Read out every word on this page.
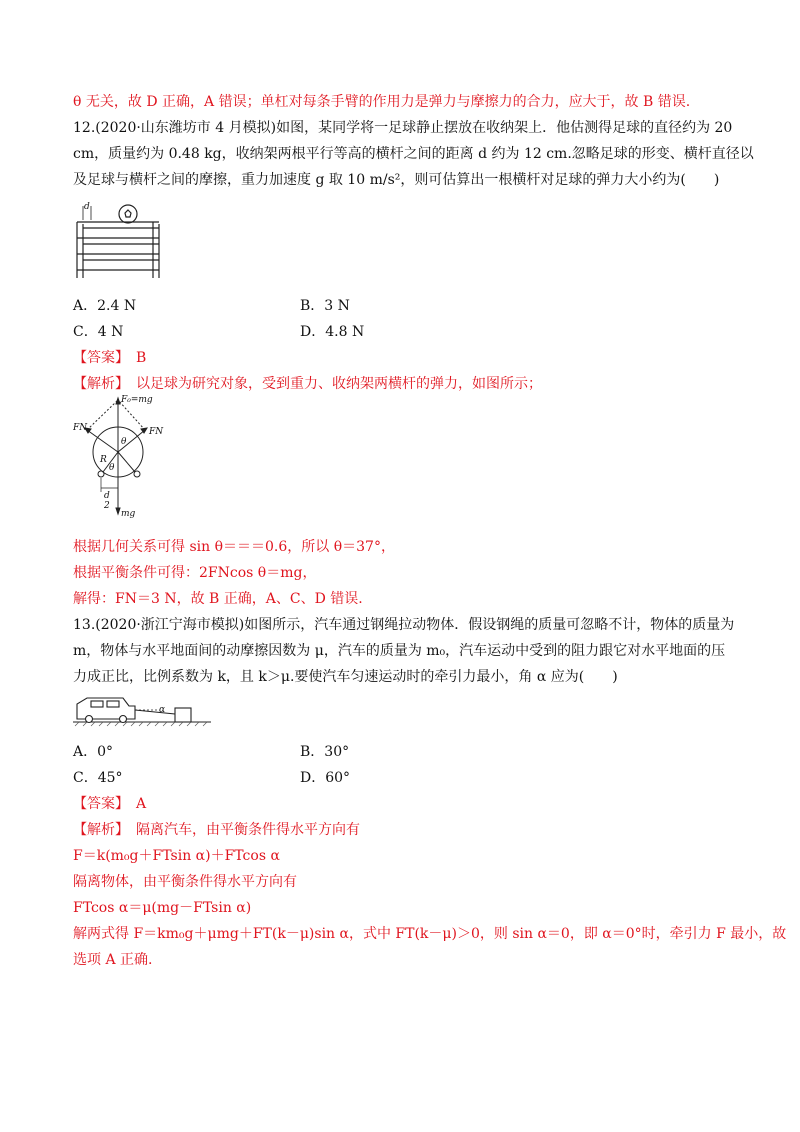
θ 无关，故 D 正确，A 错误；单杠对每条手臂的作用力是弹力与摩擦力的合力，应大于，故 B 错误.
12.(2020·山东潍坊市 4 月模拟)如图，某同学将一足球静止摆放在收纳架上．他估测得足球的直径约为 20
cm，质量约为 0.48 kg，收纳架两根平行等高的横杆之间的距离 d 约为 12 cm.忽略足球的形变、横杆直径以
及足球与横杆之间的摩擦，重力加速度 g 取 10 m/s²，则可估算出一根横杆对足球的弹力大小约为(　　)
d
A．2.4 N	B．3 N
C．4 N	D．4.8 N
【答案】　B
【解析】　以足球为研究对象，受到重力、收纳架两横杆的弹力，如图所示；
F₀=mg
FN	FN
θ
R
θ
d
2
mg
根据几何关系可得 sin θ＝＝＝0.6，所以 θ＝37°，
根据平衡条件可得：2FNcos θ＝mg，
解得：FN＝3 N，故 B 正确，A、C、D 错误.
13.(2020·浙江宁海市模拟)如图所示，汽车通过钢绳拉动物体．假设钢绳的质量可忽略不计，物体的质量为
m，物体与水平地面间的动摩擦因数为 μ，汽车的质量为 m₀，汽车运动中受到的阻力跟它对水平地面的压
力成正比，比例系数为 k，且 k＞μ.要使汽车匀速运动时的牵引力最小，角 α 应为(　　)
α
A．0°	B．30°
C．45°	D．60°
【答案】　A
【解析】　隔离汽车，由平衡条件得水平方向有
F＝k(m₀g＋FTsin α)＋FTcos α
隔离物体，由平衡条件得水平方向有
FTcos α＝μ(mg－FTsin α)
解两式得 F＝km₀g＋μmg＋FT(k－μ)sin α，式中 FT(k－μ)＞0，则 sin α＝0，即 α＝0°时，牵引力 F 最小，故
选项 A 正确.
